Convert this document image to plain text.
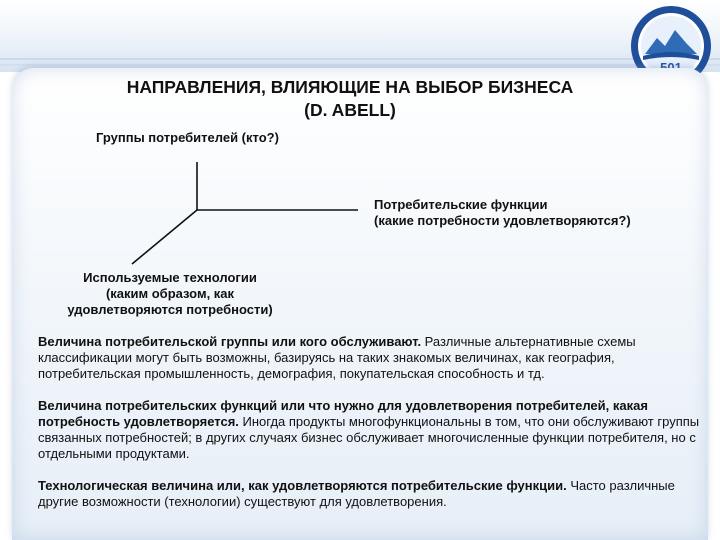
НАПРАВЛЕНИЯ, ВЛИЯЮЩИЕ НА ВЫБОР БИЗНЕСА
(D. ABELL)
Группы потребителей (кто?)
Потребительские функции
(какие потребности удовлетворяются?)
Используемые технологии
(каким образом, как
удовлетворяются потребности)
Величина потребительской группы или кого обслуживают. Различные альтернативные схемы классификации могут быть возможны, базируясь на таких знакомых величинах, как география, потребительская промышленность, демография, покупательская способность и тд.
Величина потребительских функций или что нужно для удовлетворения потребителей, какая потребность удовлетворяется. Иногда продукты многофункциональны в том, что они обслуживают группы связанных потребностей; в других случаях бизнес обслуживает многочисленные функции потребителя, но с отдельными продуктами.
Технологическая величина или, как удовлетворяются потребительские функции. Часто различные другие возможности (технологии) существуют для удовлетворения.
